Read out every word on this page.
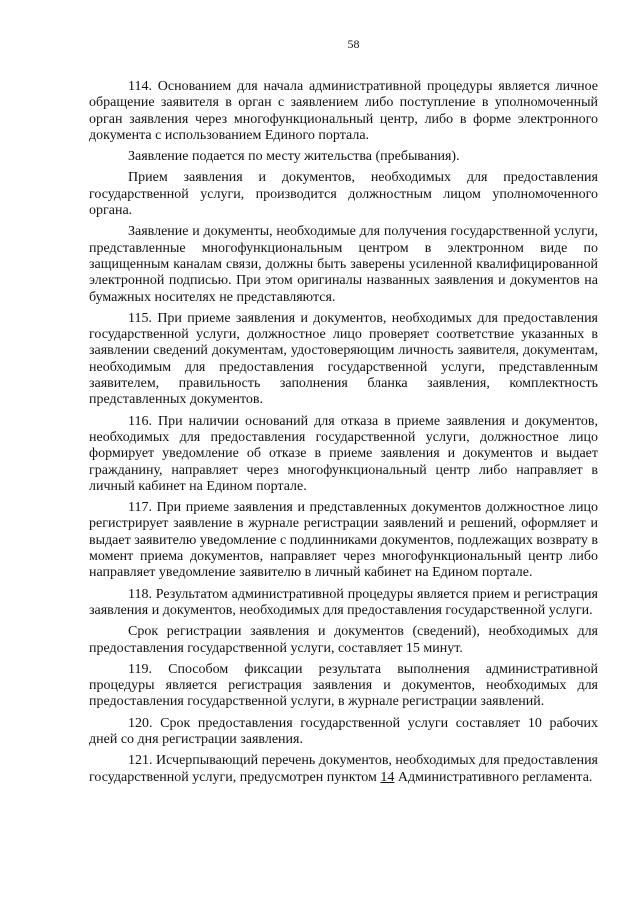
58

114. Основанием для начала административной процедуры является личное обращение заявителя в орган с заявлением либо поступление в уполномоченный орган заявления через многофункциональный центр, либо в форме электронного документа с использованием Единого портала.

Заявление подается по месту жительства (пребывания).

Прием заявления и документов, необходимых для предоставления государственной услуги, производится должностным лицом уполномоченного органа.

Заявление и документы, необходимые для получения государственной услуги, представленные многофункциональным центром в электронном виде по защищенным каналам связи, должны быть заверены усиленной квалифицированной электронной подписью. При этом оригиналы названных заявления и документов на бумажных носителях не представляются.

115. При приеме заявления и документов, необходимых для предоставления государственной услуги, должностное лицо проверяет соответствие указанных в заявлении сведений документам, удостоверяющим личность заявителя, документам, необходимым для предоставления государственной услуги, представленным заявителем, правильность заполнения бланка заявления, комплектность представленных документов.

116. При наличии оснований для отказа в приеме заявления и документов, необходимых для предоставления государственной услуги, должностное лицо формирует уведомление об отказе в приеме заявления и документов и выдает гражданину, направляет через многофункциональный центр либо направляет в личный кабинет на Едином портале.

117. При приеме заявления и представленных документов должностное лицо регистрирует заявление в журнале регистрации заявлений и решений, оформляет и выдает заявителю уведомление с подлинниками документов, подлежащих возврату в момент приема документов, направляет через многофункциональный центр либо направляет уведомление заявителю в личный кабинет на Едином портале.

118. Результатом административной процедуры является прием и регистрация заявления и документов, необходимых для предоставления государственной услуги.

Срок регистрации заявления и документов (сведений), необходимых для предоставления государственной услуги, составляет 15 минут.

119. Способом фиксации результата выполнения административной процедуры является регистрация заявления и документов, необходимых для предоставления государственной услуги, в журнале регистрации заявлений.

120. Срок предоставления государственной услуги составляет 10 рабочих дней со дня регистрации заявления.

121. Исчерпывающий перечень документов, необходимых для предоставления государственной услуги, предусмотрен пунктом 14 Административного регламента.
